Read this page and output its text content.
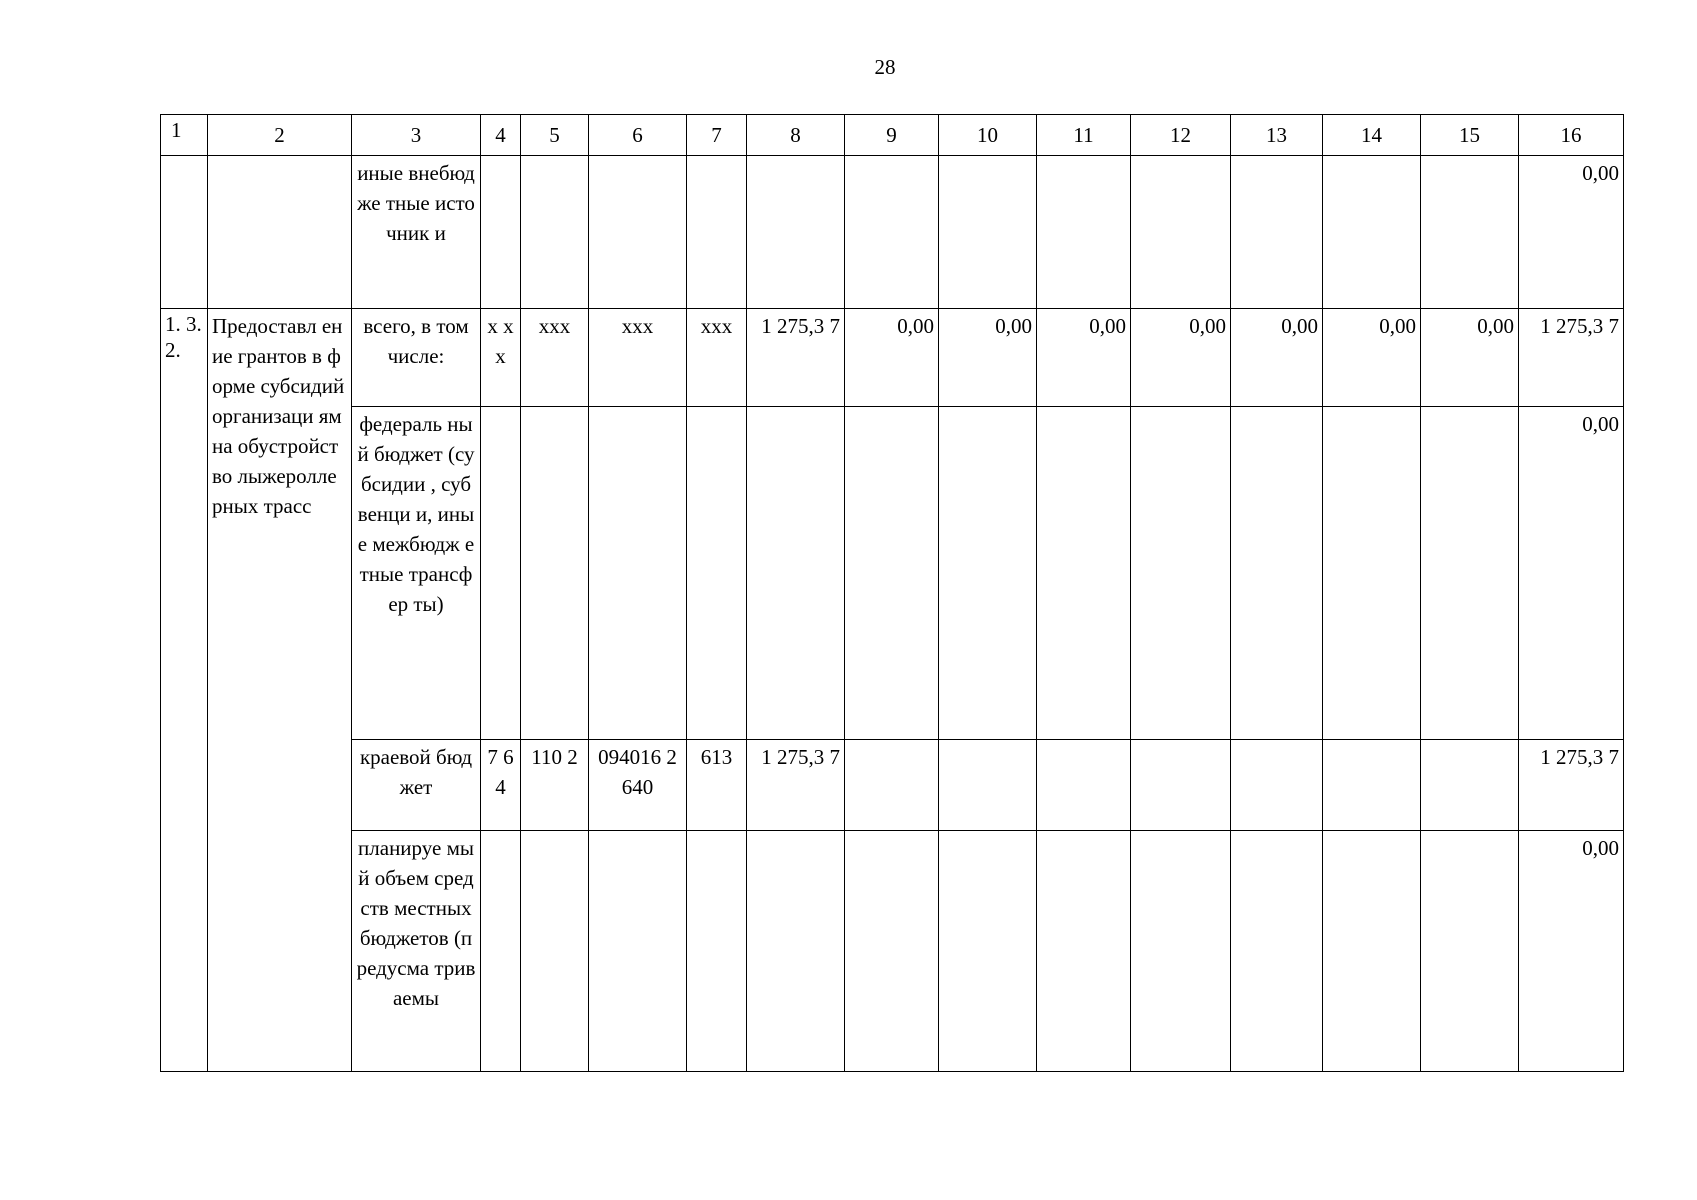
28
1	2	3	4	5	6	7	8	9	10	11	12	13	14	15	16
		иные внебюдже тные источник и													0,00
1. 3. 2.	Предоставл ение грантов в форме субсидий организаци ям на обустройст во лыжеролле рных трасс	всего, в том числе:	х х х	ххх	ххх	ххх	1 275,3 7	0,00	0,00	0,00	0,00	0,00	0,00	0,00	1 275,3 7
		федераль ный бюджет (субсидии , субвенци и, иные межбюдж етные трансфер ты)													0,00
		краевой бюджет	7 6 4	110 2	094016 2640	613	1 275,3 7								1 275,3 7
		планируе мый объем средств местных бюджетов (предусма триваемы													0,00
